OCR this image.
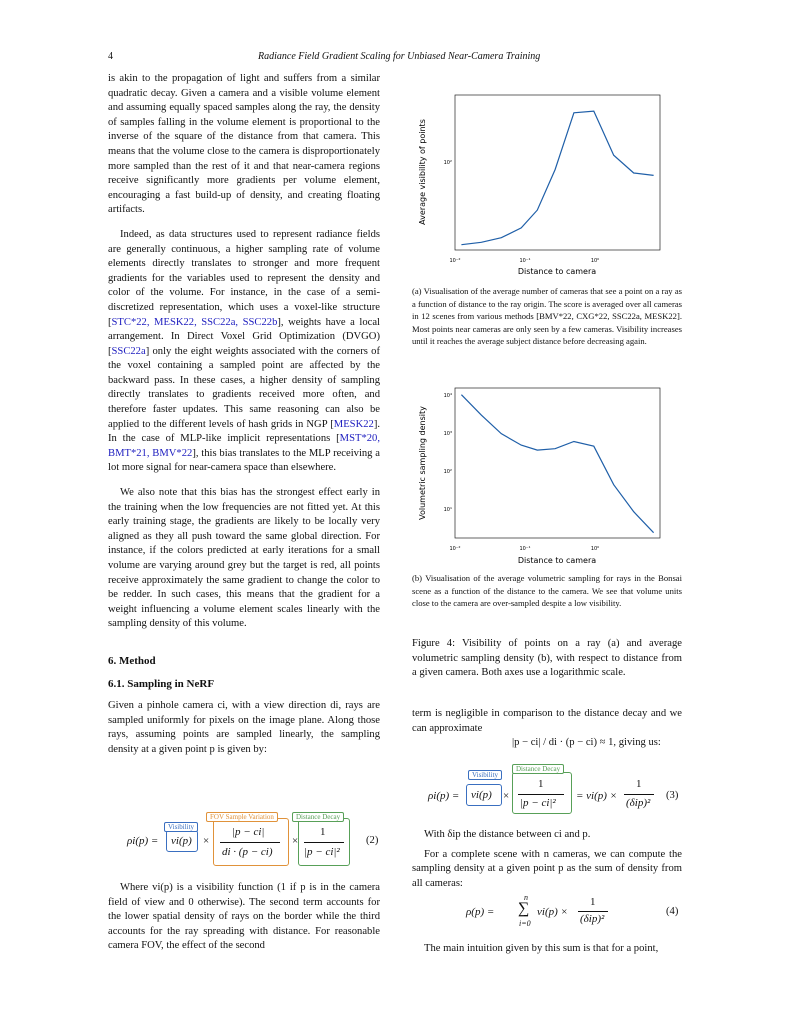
4	Radiance Field Gradient Scaling for Unbiased Near-Camera Training

is akin to the propagation of light and suffers from a similar quadratic decay. Given a camera and a visible volume element and assuming equally spaced samples along the ray, the density of samples falling in the volume element is proportional to the inverse of the square of the distance from that camera. This means that the volume close to the camera is disproportionately more sampled than the rest of it and that near-camera regions receive significantly more gradients per volume element, encouraging a fast build-up of density, and creating floating artifacts.

Indeed, as data structures used to represent radiance fields are generally continuous, a higher sampling rate of volume elements directly translates to stronger and more frequent gradients for the variables used to represent the density and color of the volume. For instance, in the case of a semi-discretized representation, which uses a voxel-like structure [STC*22, MESK22, SSC22a, SSC22b], weights have a local arrangement. In Direct Voxel Grid Optimization (DVGO) [SSC22a] only the eight weights associated with the corners of the voxel containing a sampled point are affected by the backward pass. In these cases, a higher density of sampling directly translates to gradients received more often, and therefore faster updates. This same reasoning can also be applied to the different levels of hash grids in NGP [MESK22]. In the case of MLP-like implicit representations [MST*20, BMT*21, BMV*22], this bias translates to the MLP receiving a lot more signal for near-camera space than elsewhere.

We also note that this bias has the strongest effect early in the training when the low frequencies are not fitted yet. At this early training stage, the gradients are likely to be locally very aligned as they all push toward the same global direction. For instance, if the colors predicted at early iterations for a small volume are varying around grey but the target is red, all points receive approximately the same gradient to change the color to be redder. In such cases, this means that the gradient for a weight influencing a volume element scales linearly with the sampling density of this volume.

6. Method

6.1. Sampling in NeRF

Given a pinhole camera ci, with a view direction di, rays are sampled uniformly for pixels on the image plane. Along those rays, assuming points are sampled linearly, the sampling density at a given point p is given by:

ρi(p) =
Visibility
vi(p) ×
FOV Sample Variation
|p − ci|
di · (p − ci)
×
Distance Decay
1
|p − ci|²
(2)

Where vi(p) is a visibility function (1 if p is in the camera field of view and 0 otherwise). The second term accounts for the lower spatial density of rays on the border while the third accounts for the ray spreading with distance. For reasonable camera FOV, the effect of the second

Average visibility of points
Distance to camera
10²
10⁻²	10⁻¹	10⁰
(a) Visualisation of the average number of cameras that see a point on a ray as a function of distance to the ray origin. The score is averaged over all cameras in 12 scenes from various methods [BMV*22, CXG*22, SSC22a, MESK22]. Most points near cameras are only seen by a few cameras. Visibility increases until it reaches the average subject distance before decreasing again.
Volumetric sampling density
Distance to camera
10⁴
10³
10²
10¹
10⁻²	10⁻¹	10⁰
(b) Visualisation of the average volumetric sampling for rays in the Bonsai scene as a function of the distance to the camera. We see that volume units close to the camera are over-sampled despite a low visibility.
Figure 4: Visibility of points on a ray (a) and average volumetric sampling density (b), with respect to distance from a given camera. Both axes use a logarithmic scale.

term is negligible in comparison to the distance decay and we can approximate

|p − ci| / di · (p − ci) ≈ 1, giving us:

ρi(p) =
Visibility
vi(p) ×
Distance Decay
1
|p − ci|²
= vi(p) ×
1
(δip)²
(3)

With δip the distance between ci and p.

For a complete scene with n cameras, we can compute the sampling density at a given point p as the sum of density from all cameras:

ρ(p) =
n
∑
i=0
vi(p) ×
1
(δip)²
(4)

The main intuition given by this sum is that for a point,
